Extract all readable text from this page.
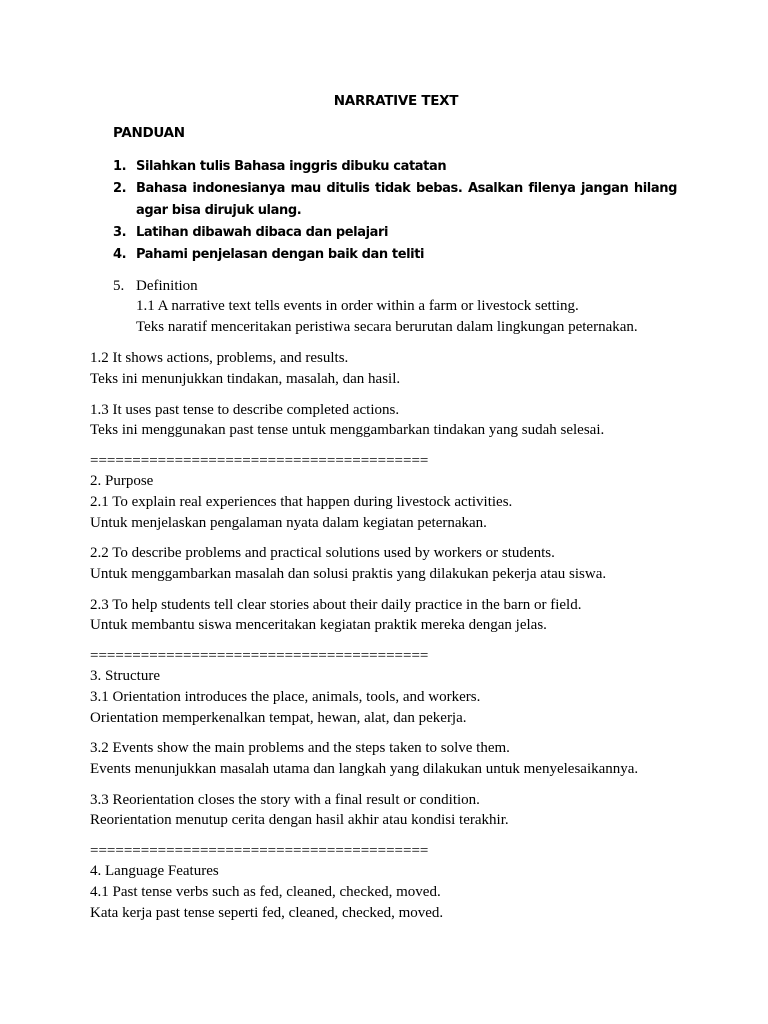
NARRATIVE TEXT
PANDUAN
1. Silahkan tulis Bahasa inggris dibuku catatan
2. Bahasa indonesianya mau ditulis tidak bebas. Asalkan filenya jangan hilang agar bisa dirujuk ulang.
3. Latihan dibawah dibaca dan pelajari
4. Pahami penjelasan dengan baik dan teliti
5. Definition
1.1 A narrative text tells events in order within a farm or livestock setting.
Teks naratif menceritakan peristiwa secara berurutan dalam lingkungan peternakan.
1.2 It shows actions, problems, and results.
Teks ini menunjukkan tindakan, masalah, dan hasil.
1.3 It uses past tense to describe completed actions.
Teks ini menggunakan past tense untuk menggambarkan tindakan yang sudah selesai.
========================================
2. Purpose
2.1 To explain real experiences that happen during livestock activities.
Untuk menjelaskan pengalaman nyata dalam kegiatan peternakan.
2.2 To describe problems and practical solutions used by workers or students.
Untuk menggambarkan masalah dan solusi praktis yang dilakukan pekerja atau siswa.
2.3 To help students tell clear stories about their daily practice in the barn or field.
Untuk membantu siswa menceritakan kegiatan praktik mereka dengan jelas.
========================================
3. Structure
3.1 Orientation introduces the place, animals, tools, and workers.
Orientation memperkenalkan tempat, hewan, alat, dan pekerja.
3.2 Events show the main problems and the steps taken to solve them.
Events menunjukkan masalah utama dan langkah yang dilakukan untuk menyelesaikannya.
3.3 Reorientation closes the story with a final result or condition.
Reorientation menutup cerita dengan hasil akhir atau kondisi terakhir.
========================================
4. Language Features
4.1 Past tense verbs such as fed, cleaned, checked, moved.
Kata kerja past tense seperti fed, cleaned, checked, moved.
